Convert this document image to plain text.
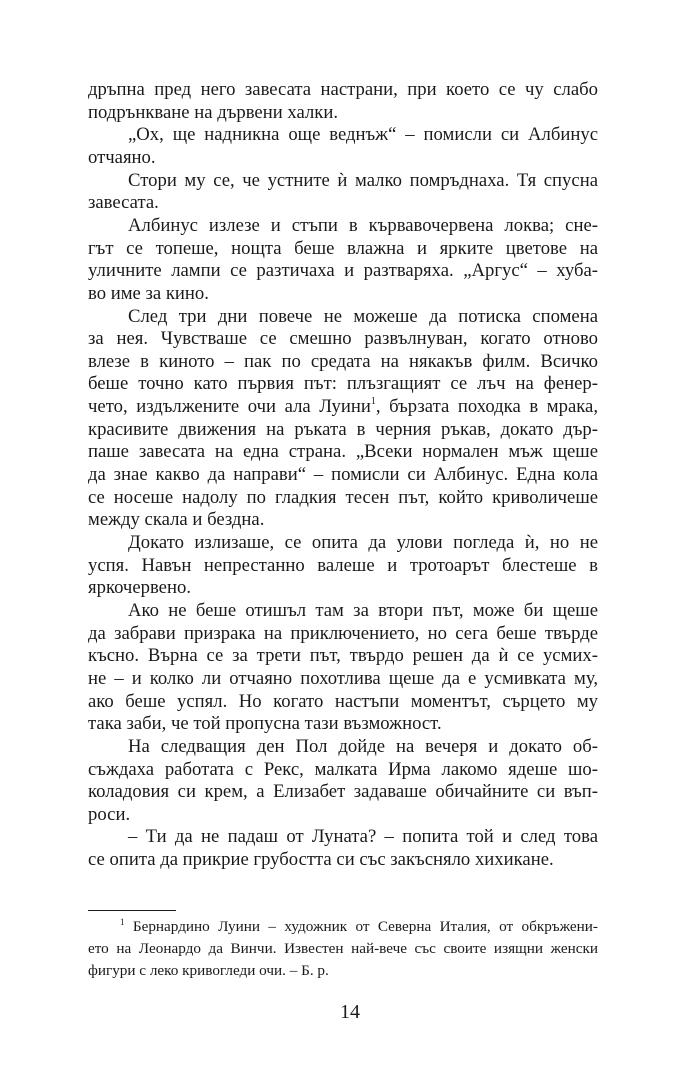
дръпна пред него завесата настрани, при което се чу слабо
подрънкване на дървени халки.
„Ох, ще надникна още веднъж“ – помисли си Албинус
отчаяно.
Стори му се, че устните ѝ малко помръднаха. Тя спусна
завесата.
Албинус излезе и стъпи в кървавочервена локва; сне-
гът се топеше, нощта беше влажна и ярките цветове на
уличните лампи се разтичаха и разтваряха. „Аргус“ – хуба-
во име за кино.
След три дни повече не можеше да потиска спомена
за нея. Чувстваше се смешно развълнуван, когато отново
влезе в киното – пак по средата на някакъв филм. Всичко
беше точно като първия път: плъзгащият се лъч на фенер-
чето, издължените очи ала Луини$^1$, бързата походка в мрака,
красивите движения на ръката в черния ръкав, докато дър-
пaше завесата на една страна. „Всеки нормален мъж щеше
да знае какво да направи“ – помисли си Албинус. Една кола
се носеше надолу по гладкия тесен път, който криволичеше
между скала и бездна.
Докато излизаше, се опита да улови погледа ѝ, но не
успя. Навън непрестанно валеше и тротоарът блестеше в
яркочервено.
Ако не беше отишъл там за втори път, може би щеше
да забрави призрака на приключението, но сега беше твърде
късно. Върна се за трети път, твърдо решен да ѝ се усмих-
не – и колко ли отчаяно похотлива щеше да е усмивката му,
ако беше успял. Но когато настъпи моментът, сърцето му
така заби, че той пропусна тази възможност.
На следващия ден Пол дойде на вечеря и докато об-
съждаха работата с Рекс, малката Ирма лакомо ядеше шо-
коладовия си крем, а Елизабет задаваше обичайните си въп-
роси.
– Ти да не падаш от Луната? – попита той и след това
се опита да прикрие грубостта си със закъсняло хихикане.
$^1$ Бернардино Луини – художник от Северна Италия, от обкръжени-
ето на Леонардо да Винчи. Известен най-вече със своите изящни женски
фигури с леко кривогледи очи. – Б. р.
14
